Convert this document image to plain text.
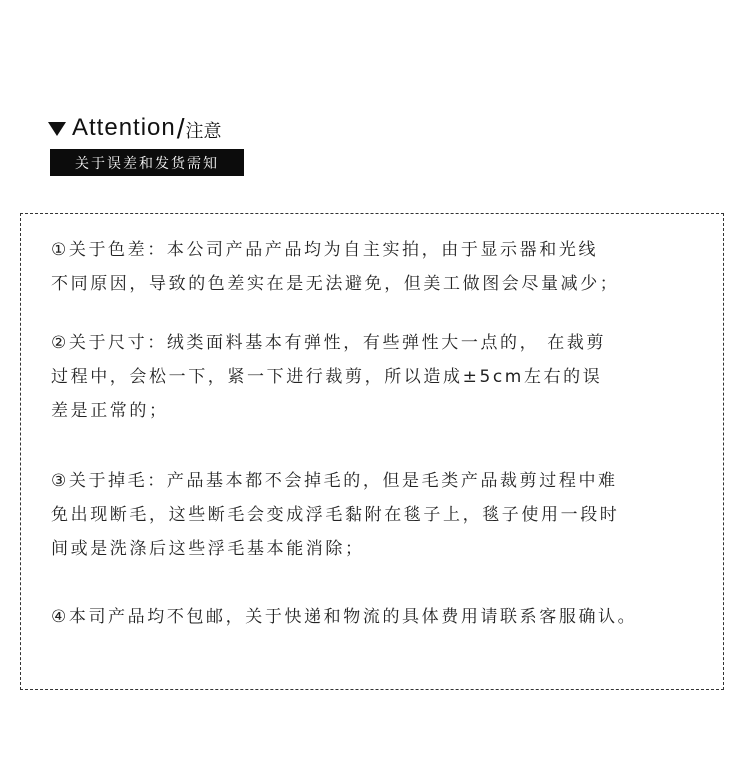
Attention / 注意
关于误差和发货需知
①关于色差：本公司产品产品均为自主实拍，由于显示器和光线
不同原因，导致的色差实在是无法避免，但美工做图会尽量减少；
②关于尺寸：绒类面料基本有弹性，有些弹性大一点的， 在裁剪
过程中，会松一下，紧一下进行裁剪，所以造成±5cm左右的误
差是正常的；
③关于掉毛：产品基本都不会掉毛的，但是毛类产品裁剪过程中难
免出现断毛，这些断毛会变成浮毛黏附在毯子上，毯子使用一段时
间或是洗涤后这些浮毛基本能消除；
④本司产品均不包邮，关于快递和物流的具体费用请联系客服确认。
